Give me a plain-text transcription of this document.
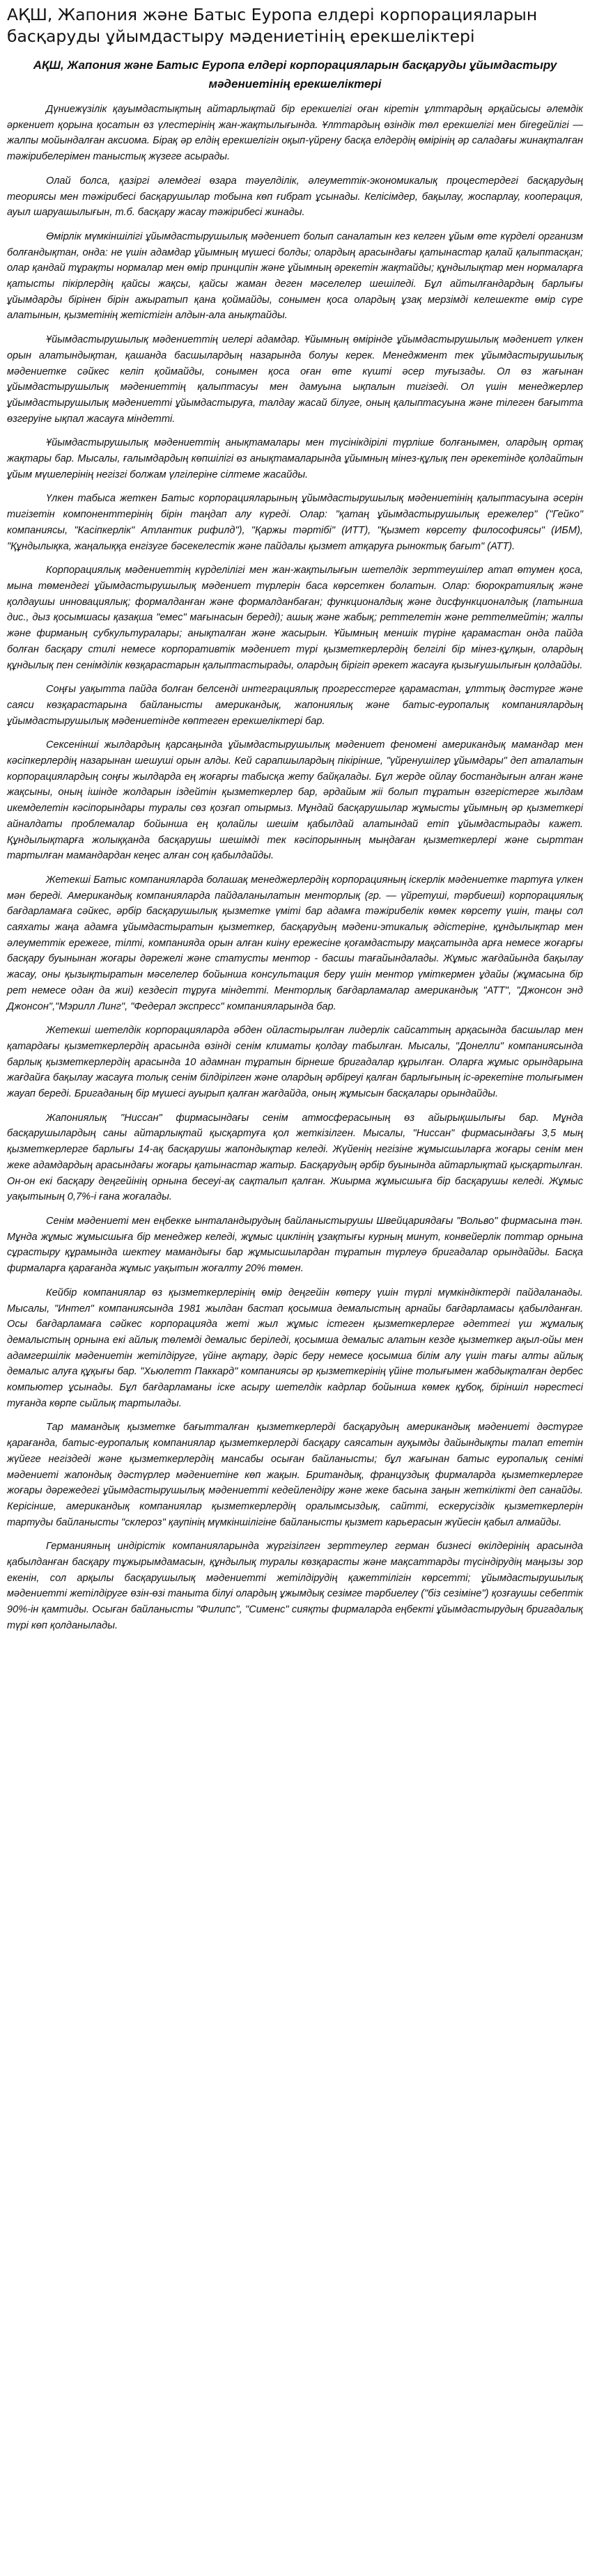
АҚШ, Жапония және Батыс Еуропа елдері корпорацияларын басқаруды ұйымдастыру мәдениетінің ерекшеліктері
АҚШ, Жапония және Батыс Еуропа елдері корпорацияларын басқаруды ұйымдастыру мәдениетінің ерекшеліктері

Дүниежүзілік қауымдастықтың айтарлықтай бір ерекшелігі оған кіретін ұлттардың әрқайсысы әлемдік әркениет қорына қосатын өз үлестерінің жан-жақтылығында. Ұлттардың өзіндік төл ерекшелігі мен біregeйлігі — жалпы мойындалған аксиома. Бірақ әр елдің ерекшелігін оқып-үйрену басқа елдердің өмірінің әр саладағы жинақталған тәжірибелерімен таныстық жүзеге асырады.

Олай болса, қазіргі әлемдегі өзара тәуелділік, әлеуметтік-экономикалық процестердегі басқарудың теориясы мен тәжірибесі басқарушылар тобына көп ғибрат ұсынады. Келісімдер, бақылау, жоспарлау, кооперация, ауыл шаруашылығын, т.б. басқару жасау тәжірибесі жинады.

Өмірлік мүмкіншілігі ұйымдастырушылық мәдениет болып саналатын кез келген ұйым өте күрделі организм болғандықтан, онда: не үшін адамдар ұйымның мүшесі болды; олардың арасындағы қатынастар қалай қалыптасқан; олар қандай тұрақты нормалар мен өмір принципін және ұйымның әрекетін жақтайды; құндылықтар мен нормаларға қатысты пікірлердің қайсы жақсы, қайсы жаман деген мәселелер шешіледі. Бұл айтылғандардың барлығы ұйымдарды бірінен бірін ажыратып қана қоймайды, сонымен қоса олардың ұзақ мерзімді келешекте өмір сүре алатынын, қызметінің жетістігін алдын-ала анықтайды.

Ұйымдастырушылық мәдениеттің иелері адамдар. Ұйымның өмірінде ұйымдастырушылық мәдениет үлкен орын алатындықтан, қашанда басшылардың назарында болуы керек. Менеджмент тек ұйымдастырушылық мәдениетке сәйкес келіп қоймайды, сонымен қоса оған өте күшті әсер туғызады. Ол өз жағынан ұйымдастырушылық мәдениеттің қалыптасуы мен дамуына ықпалын тигізеді. Ол үшін менеджерлер ұйымдастырушылық мәдениетті ұйымдастыруға, талдау жасай білуге, оның қалыптасуына және тілеген бағытта өзгеруіне ықпал жасауға міндетті.

Ұйымдастырушылық мәдениеттің анықтамалары мен түсінікдірілі түрліше болғанымен, олардың ортақ жақтары бар. Мысалы, ғалымдардың көпшілігі өз анықтамаларында ұйымның мінез-құлық пен әрекетінде қолдайтын ұйым мүшелерінің негізгі болжам үлгілеріне сілтеме жасайды.

Үлкен табыса жеткен Батыс корпорацияларының ұйымдастырушылық мәдениетінің қалыптасуына әсерін тигізетін компоненттерінің бірін таңдап алу күреді. Олар: "қатаң ұйымдастырушылық ережелер" ("Гейко" компаниясы, "Касіпкерлік" Атлантик рифилд"), "Қаржы тәртібі" (ИТТ), "Қызмет көрсету философиясы" (ИБМ), "Құндылықка, жаңалыққа енгізуге бәсекелестік және пайдалы қызмет атқаруға рыноктық бағыт" (АТТ).

Корпорациялық мәдениеттің күрделілігі мен жан-жақтылығын шетелдік зерттеушілер атап өтумен қоса, мына төмендегі ұйымдастырушылық мәдениет түрлерін баса көрсеткен болатын. Олар: бюрократиялық және қолдаушы инновациялық; формалданған және формалданбаған; функционалдық және дисфункционалдық (латынша дис., дыз қосымшасы қазақша "емес" мағынасын береді); ашық және жабық; реттелетін және реттелмейтін; жалпы және фирманың субкультуралары; анықталған және жасырын. Ұйымның меншік түріне қарамастан онда пайда болған басқару стилі немесе корпоративтік мәдениет түрі қызметкерлердің белгілі бір мінез-құлқын, олардың құндылық пен сенімділік көзқарастарын қалыптастырады, олардың бірігіп әрекет жасауға қызығушылығын қолдайды.

Соңғы уақытта пайда болған белсенді интеграциялық прогресстерге қарамастан, ұлттық дәстүрге және саяси көзқарастарына байланысты американдық, жапониялық және батыс-еуропалық компаниялардың ұйымдастырушылық мәдениетінде көптеген ерекшеліктері бар.

Сексенінші жылдардың қарсаңында ұйымдастырушылық мәдениет феномені американдық мамандар мен кәсіпкерлердің назарынан шешуші орын алды. Кей сарапшылардың пікірінше, "үйренушілер ұйымдары" деп аталатын корпорациялардың соңғы жылдарда ең жоғарғы табысқа жету байқалады. Бұл жерде ойлау бостандығын алған және жақсыны, оның ішінде жолдарын іздейтін қызметкерлер бар, әрдайым жіі болып тұратын өзгерістерге жылдам икемделетін кәсіпорындары туралы сөз қозғап отырмыз. Мұндай басқарушылар жұмысты ұйымның әр қызметкері айналдаты проблемалар бойынша ең қолайлы шешім қабылдай алатындай етіп ұйымдастырады кажет. Құндылықтарға жолыққанда басқарушы шешімді тек кәсіпорынның мыңдаған қызметкерлері және сырттан тартылған мамандардан кеңес алған соң қабылдайды.

Жетекші Батыс компанияларда болашақ менеджерлердің корпорацияның іскерлік мәдениетке тартуға үлкен мән береді. Американдық компанияларда пайдаланылатын менторлық (гр. — үйретуші, тәрбиеші) корпорациялық бағдарламаға сәйкес, әрбір басқарушылық қызметке үміті бар адамға тәжірибелік көмек көрсету үшін, таңы сол саяхаты жаңа адамға ұйымдастыратын қызметкер, басқарудың мәдени-этикалық әдістеріне, құндылықтар мен әлеуметтік ережеге, тілті, компанияда орын алған киіну ережесіне қоғамдастыру мақсатында арға немесе жоғарғы басқару буынынан жоғары дәрежелі және статусты ментор - басшы тағайындалады. Жұмыс жағдайында бақылау жасау, оны қызықтыратын мәселелер бойынша консультация беру үшін ментор үміткермен ұдайы (жұмасына бір рет немесе одан да жиі) кездесіп тұруға міндетті. Менторлық бағдарламалар американдық "АТТ", "Джонсон энд Джонсон","Мэрилл Линг", "Федерал экспресс" компанияларында бар.

Жетекші шетелдік корпорацияларда әбден ойластырылған лидерлік сайсаттың арқасында басшылар мен қатардағы қызметкерлердің арасында өзінді сенім климаты қолдау табылған. Мысалы, "Донелли" компаниясында барлық қызметкерлердің арасында 10 адамнан тұратын бірнеше бригадалар құрылған. Оларға жұмыс орындарына жағдайға бақылау жасауға толық сенім білдірілген және олардың әрбіреуі қалған барлығының іс-әрекетіне толығымен жауап береді. Бригаданың бір мүшесі ауырып қалған жағдайда, оның жұмысын басқалары орындайды.

Жапониялық "Ниссан" фирмасындағы сенім атмосферасының өз айырықшылығы бар. Мұнда басқарушылардың саны айтарлықтай қысқартуға қол жеткізілген. Мысалы, "Ниссан" фирмасындағы 3,5 мың қызметкерлерге барлығы 14-ақ басқарушы жапондықтар келеді. Жүйенің негізіне жұмысшыларға жоғары сенім мен жеке адамдардың арасындағы жоғары қатынастар жатыр. Басқарудың әрбір буынында айтарлықтай қысқартылған. Он-он екі басқару деңгейінің орнына бесеуі-ақ сақталып қалған. Жиырма жұмысшыға бір басқарушы келеді. Жұмыс уақытының 0,7%-і ғана жоғалады.

Сенім мәдениеті мен еңбекке ынталандырудың байланыстырушы Швейцариядағы "Вольво" фирмасына тән. Мұнда жұмыс жұмысшыға бір менеджер келеді, жұмыс циклінің ұзақтығы курның минут, конвейерлік поттар орнына сұрастыру құрамында шектеу мамандығы бар жұмысшылардан тұратын түрлеуә бригадалар орындайды. Басқа фирмаларға қарағанда жұмыс уақытын жоғалту 20% төмен.

Кейбір компаниялар өз қызметкерлерінің өмір деңгейін көтеру үшін түрлі мүмкіндіктерді пайдаланады. Мысалы, "Интел" компаниясында 1981 жылдан бастап қосымша демалыстың арнайы бағдарламасы қабылданған. Осы бағдарламаға сәйкес корпорацияда жеті жыл жұмыс істеген қызметкерлерге әдеттегі үш жұмалық демалыстың орнына екі айлық төлемді демалыс беріледі, қосымша демалыс алатын кезде қызметкер ақыл-ойы мен адамгершілік мәдениетін жетілдіруге, үйіне ақтару, дәріс беру немесе қосымша білім алу үшін тағы алты айлық демалыс алуға құқығы бар. "Хьюлетт Паккард" компаниясы әр қызметкерінің үйіне толығымен жабдықталған дербес компьютер ұсынады. Бұл бағдарламаны іске асыру шетелдік кадрлар бойынша көмек құбоқ, біріншіл нәрестесі туғанда көрпе сыйлық тартылады.

Тар мамандық қызметке бағытталған қызметкерлерді басқарудың американдық мәдениеті дәстүрге қарағанда, батыс-еуропалық компаниялар қызметкерлерді басқару саясатын ауқымды дайындықты талап ететін жүйеге негіздеді және қызметкерлердің мансабы осыған байланысты; бұл жағынан батыс еуропалық сенімі мәдениеті жапондық дәстүрлер мәдениетіне көп жақын. Британдық, француздық фирмаларда қызметкерлерге жоғары дәрежедегі ұйымдастырушылық мәдениетті кедейлендіру және жеке басына заңын жеткілікті деп санайды. Керісінше, американдық компаниялар қызметкерлердің оралымсыздық, сайтті, ескерусіздік қызметкерлерін тартуды байланысты "склероз" қаупінің мүмкіншілігіне байланысты қызмет карьерасын жүйесін қабыл алмайды.

Германияның индірістік компанияларында жүргізілген зерттеулер герман бизнесі өкілдерінің арасында қабылданған басқару тұжырымдамасын, құндылық туралы көзқарасты және мақсаттарды түсіндірудің маңызы зор екенін, сол арқылы басқарушылық мәдениетті жетілдірудің қажеттілігін көрсетті; ұйымдастырушылық мәдениетті жетілдіруге өзін-өзі таныта білуі олардың ұжымдық сезімге тәрбиелеу ("біз сезіміне") қозғаушы себептік 90%-ін қамтиды. Осыған байланысты "Филипс", "Сименс" сияқты фирмаларда еңбекті ұйымдастырудың бригадалық түрі көп қолданылады.
